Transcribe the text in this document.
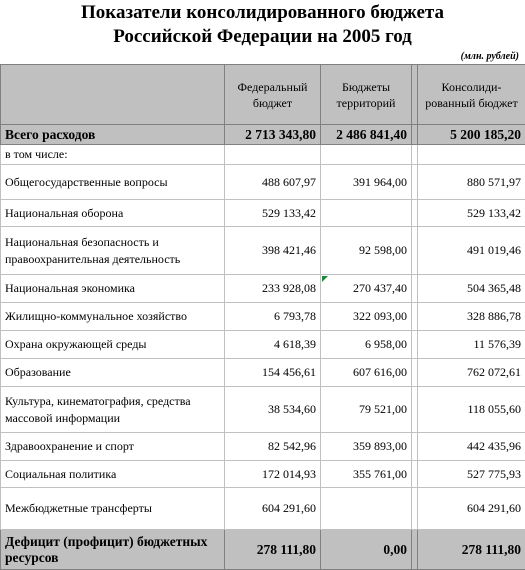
Показатели консолидированного бюджета
Российской Федерации на 2005 год
(млн. рублей)
	Федеральный бюджет	Бюджеты территорий		Консолиди-рованный бюджет
Всего расходов	2 713 343,80	2 486 841,40		5 200 185,20
в том числе:				
Общегосударственные вопросы	488 607,97	391 964,00		880 571,97
Национальная оборона	529 133,42			529 133,42
Национальная безопасность и правоохранительная деятельность	398 421,46	92 598,00		491 019,46
Национальная экономика	233 928,08	270 437,40		504 365,48
Жилищно-коммунальное хозяйство	6 793,78	322 093,00		328 886,78
Охрана окружающей среды	4 618,39	6 958,00		11 576,39
Образование	154 456,61	607 616,00		762 072,61
Культура, кинематография, средства массовой информации	38 534,60	79 521,00		118 055,60
Здравоохранение и спорт	82 542,96	359 893,00		442 435,96
Социальная политика	172 014,93	355 761,00		527 775,93
Межбюджетные трансферты	604 291,60			604 291,60
Дефицит (профицит) бюджетных ресурсов	278 111,80	0,00		278 111,80
